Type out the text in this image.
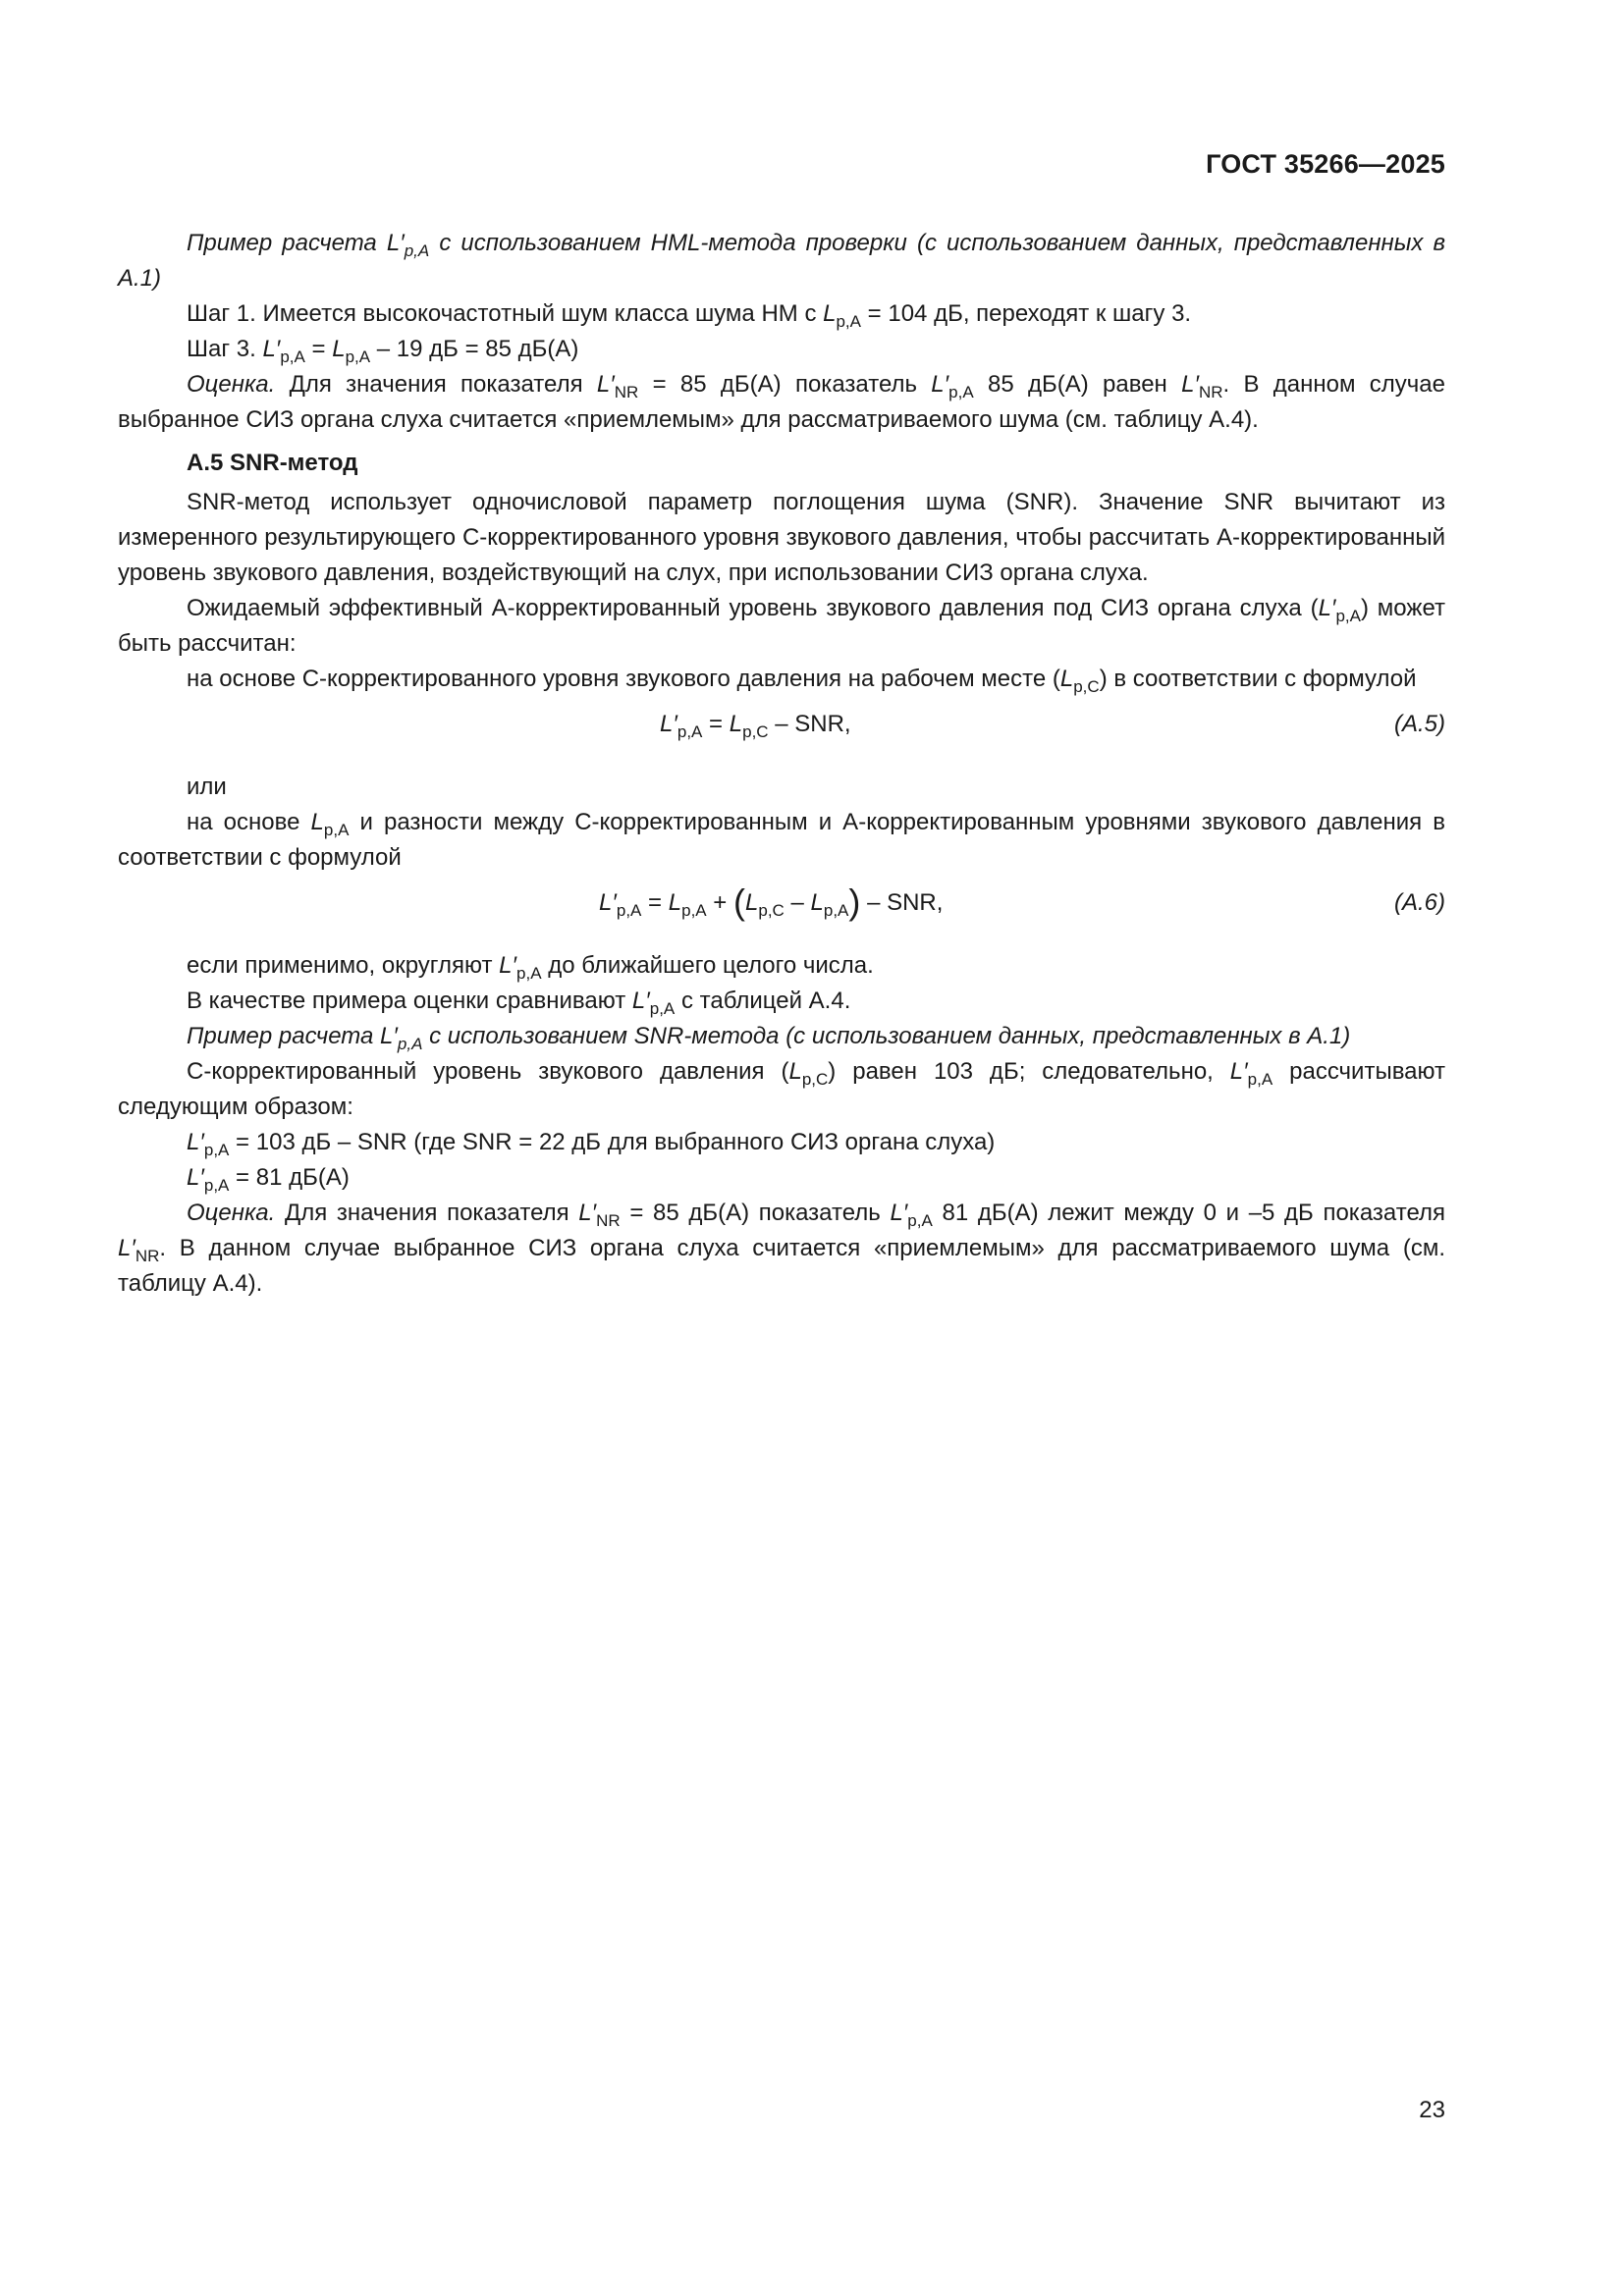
ГОСТ 35266—2025

Пример расчета $L'_{p,A}$ с использованием HML-метода проверки (с использованием данных, представленных в А.1)

Шаг 1. Имеется высокочастотный шум класса шума НМ с $L_{p,A} = 104$ дБ, переходят к шагу 3.

Шаг 3. $L'_{p,A} = L_{p,A} - 19$ дБ = 85 дБ(А)

Оценка. Для значения показателя $L'_{NR} = 85$ дБ(А) показатель $L'_{p,A}$ 85 дБ(А) равен $L'_{NR}$. В данном случае выбранное СИЗ органа слуха считается «приемлемым» для рассматриваемого шума (см. таблицу А.4).

А.5 SNR-метод

SNR-метод использует одночисловой параметр поглощения шума (SNR). Значение SNR вычитают из измеренного результирующего С-корректированного уровня звукового давления, чтобы рассчитать А-корректированный уровень звукового давления, воздействующий на слух, при использовании СИЗ органа слуха.

Ожидаемый эффективный А-корректированный уровень звукового давления под СИЗ органа слуха $(L'_{p,A})$ может быть рассчитан:

на основе С-корректированного уровня звукового давления на рабочем месте $(L_{p,C})$ в соответствии с формулой

$L'_{p,A} = L_{p,C}$ – SNR,	(А.5)

или

на основе $L_{p,A}$ и разности между С-корректированным и А-корректированным уровнями звукового давления в соответствии с формулой

$L'_{p,A} = L_{p,A} + (L_{p,C} - L_{p,A})$ – SNR,	(А.6)

если применимо, округляют $L'_{p,A}$ до ближайшего целого числа.

В качестве примера оценки сравнивают $L'_{p,A}$ с таблицей А.4.

Пример расчета $L'_{p,A}$ с использованием SNR-метода (с использованием данных, представленных в А.1)

С-корректированный уровень звукового давления $(L_{p,C})$ равен 103 дБ; следовательно, $L'_{p,A}$ рассчитывают следующим образом:

$L'_{p,A} = 103$ дБ – SNR (где SNR = 22 дБ для выбранного СИЗ органа слуха)

$L'_{p,A} = 81$ дБ(А)

Оценка. Для значения показателя $L'_{NR} = 85$ дБ(А) показатель $L'_{p,A}$ 81 дБ(А) лежит между 0 и –5 дБ показателя $L'_{NR}$. В данном случае выбранное СИЗ органа слуха считается «приемлемым» для рассматриваемого шума (см. таблицу А.4).

23
